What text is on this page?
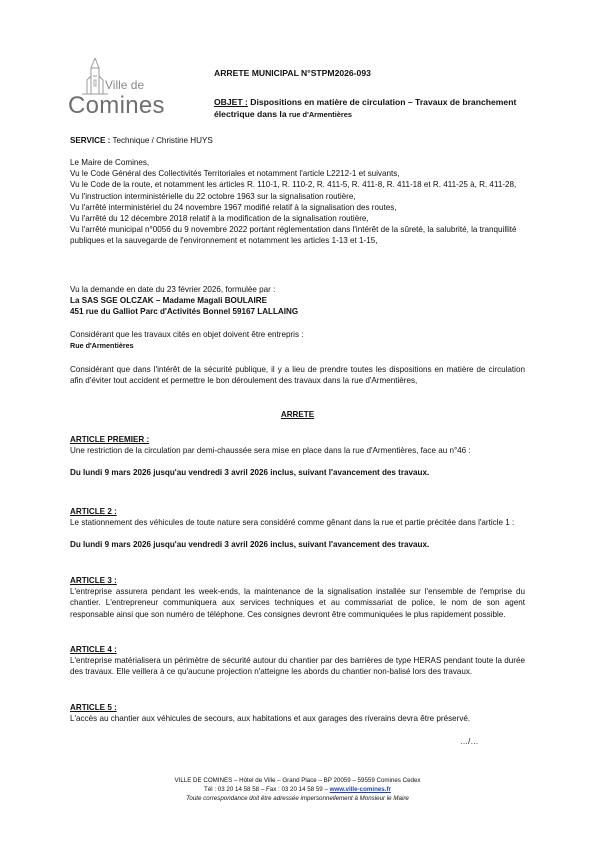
Ville de
Comines
ARRETE MUNICIPAL N°STPM2026-093
OBJET : Dispositions en matière de circulation – Travaux de branchement électrique dans la rue d'Armentières
SERVICE : Technique / Christine HUYS

Le Maire de Comines,

Vu le Code Général des Collectivités Territoriales et notamment l'article L2212-1 et suivants,

Vu le Code de la route, et notamment les articles R. 110-1, R. 110-2, R. 411-5, R. 411-8, R. 411-18 et R. 411-25 à, R. 411-28,

Vu l'instruction interministérielle du 22 octobre 1963 sur la signalisation routière,

Vu l'arrêté interministériel du 24 novembre 1967 modifié relatif à la signalisation des routes,

Vu l'arrêté du 12 décembre 2018 relatif à la modification de la signalisation routière,

Vu l'arrêté municipal n°0056 du 9 novembre 2022 portant réglementation dans l'intérêt de la sûreté, la salubrité, la tranquillité publiques et la sauvegarde de l'environnement et notamment les articles 1-13 et 1-15,

Vu la demande en date du 23 février 2026, formulée par :

La SAS SGE OLCZAK – Madame Magali BOULAIRE

451 rue du Galliot Parc d'Activités Bonnel 59167 LALLAING

Considérant que les travaux cités en objet doivent être entrepris :

Rue d'Armentières

Considérant que dans l'intérêt de la sécurité publique, il y a lieu de prendre toutes les dispositions en matière de circulation afin d'éviter tout accident et permettre le bon déroulement des travaux dans la rue d'Armentières,

ARRETE

ARTICLE PREMIER :

Une restriction de la circulation par demi-chaussée sera mise en place dans la rue d'Armentières, face au n°46 :

Du lundi 9 mars 2026 jusqu'au vendredi 3 avril 2026 inclus, suivant l'avancement des travaux.

ARTICLE 2 :

Le stationnement des véhicules de toute nature sera considéré comme gênant dans la rue et partie précitée dans l'article 1 :

Du lundi 9 mars 2026 jusqu'au vendredi 3 avril 2026 inclus, suivant l'avancement des travaux.

ARTICLE 3 :

L'entreprise assurera pendant les week-ends, la maintenance de la signalisation installée sur l'ensemble de l'emprise du chantier. L'entrepreneur communiquera aux services techniques et au commissariat de police, le nom de son agent responsable ainsi que son numéro de téléphone. Ces consignes devront être communiquées le plus rapidement possible.

ARTICLE 4 :

L'entreprise matérialisera un périmètre de sécurité autour du chantier par des barrières de type HERAS pendant toute la durée des travaux. Elle veillera à ce qu'aucune projection n'atteigne les abords du chantier non-balisé lors des travaux.

ARTICLE 5 :

L'accès au chantier aux véhicules de secours, aux habitations et aux garages des riverains devra être préservé.

…/…

VILLE DE COMINES – Hôtel de Ville – Grand Place – BP 20059 – 59559 Comines Cedex

Tél : 03 20 14 58 58 – Fax : 03 20 14 58 59 – www.ville-comines.fr

Toute correspondance doit être adressée impersonnellement à Monsieur le Maire
